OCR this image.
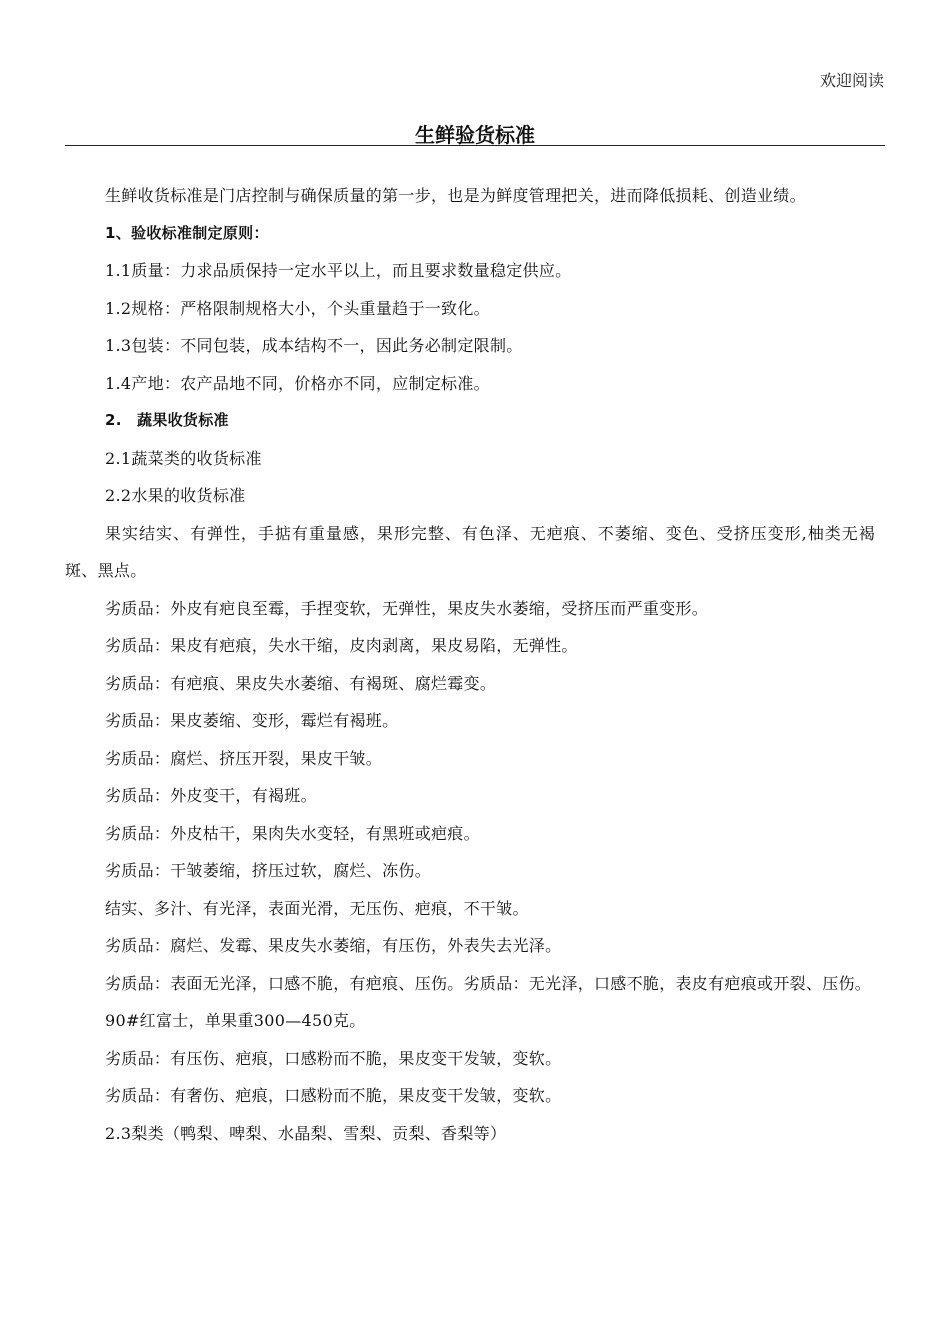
欢迎阅读
生鲜验货标准

生鲜收货标准是门店控制与确保质量的第一步，也是为鲜度管理把关，进而降低损耗、创造业绩。

1、验收标准制定原则：

1.1质量：力求品质保持一定水平以上，而且要求数量稳定供应。

1.2规格：严格限制规格大小，个头重量趋于一致化。

1.3包装：不同包装，成本结构不一，因此务必制定限制。

1.4产地：农产品地不同，价格亦不同，应制定标准。

2.　蔬果收货标准

2.1蔬菜类的收货标准

2.2水果的收货标准

果实结实、有弹性，手掂有重量感，果形完整、有色泽、无疤痕、不萎缩、变色、受挤压变形,柚类无褐斑、黑点。

劣质品：外皮有疤良至霉，手捏变软，无弹性，果皮失水萎缩，受挤压而严重变形。

劣质品：果皮有疤痕，失水干缩，皮肉剥离，果皮易陷，无弹性。

劣质品：有疤痕、果皮失水萎缩、有褐斑、腐烂霉变。

劣质品：果皮萎缩、变形，霉烂有褐班。

劣质品：腐烂、挤压开裂，果皮干皱。

劣质品：外皮变干，有褐班。

劣质品：外皮枯干，果肉失水变轻，有黑班或疤痕。

劣质品：干皱萎缩，挤压过软，腐烂、冻伤。

结实、多汁、有光泽，表面光滑，无压伤、疤痕，不干皱。

劣质品：腐烂、发霉、果皮失水萎缩，有压伤，外表失去光泽。

劣质品：表面无光泽，口感不脆，有疤痕、压伤。劣质品：无光泽，口感不脆，表皮有疤痕或开裂、压伤。

90#红富士，单果重300—450克。

劣质品：有压伤、疤痕，口感粉而不脆，果皮变干发皱，变软。

劣质品：有奢伤、疤痕，口感粉而不脆，果皮变干发皱，变软。

2.3梨类（鸭梨、啤梨、水晶梨、雪梨、贡梨、香梨等）
